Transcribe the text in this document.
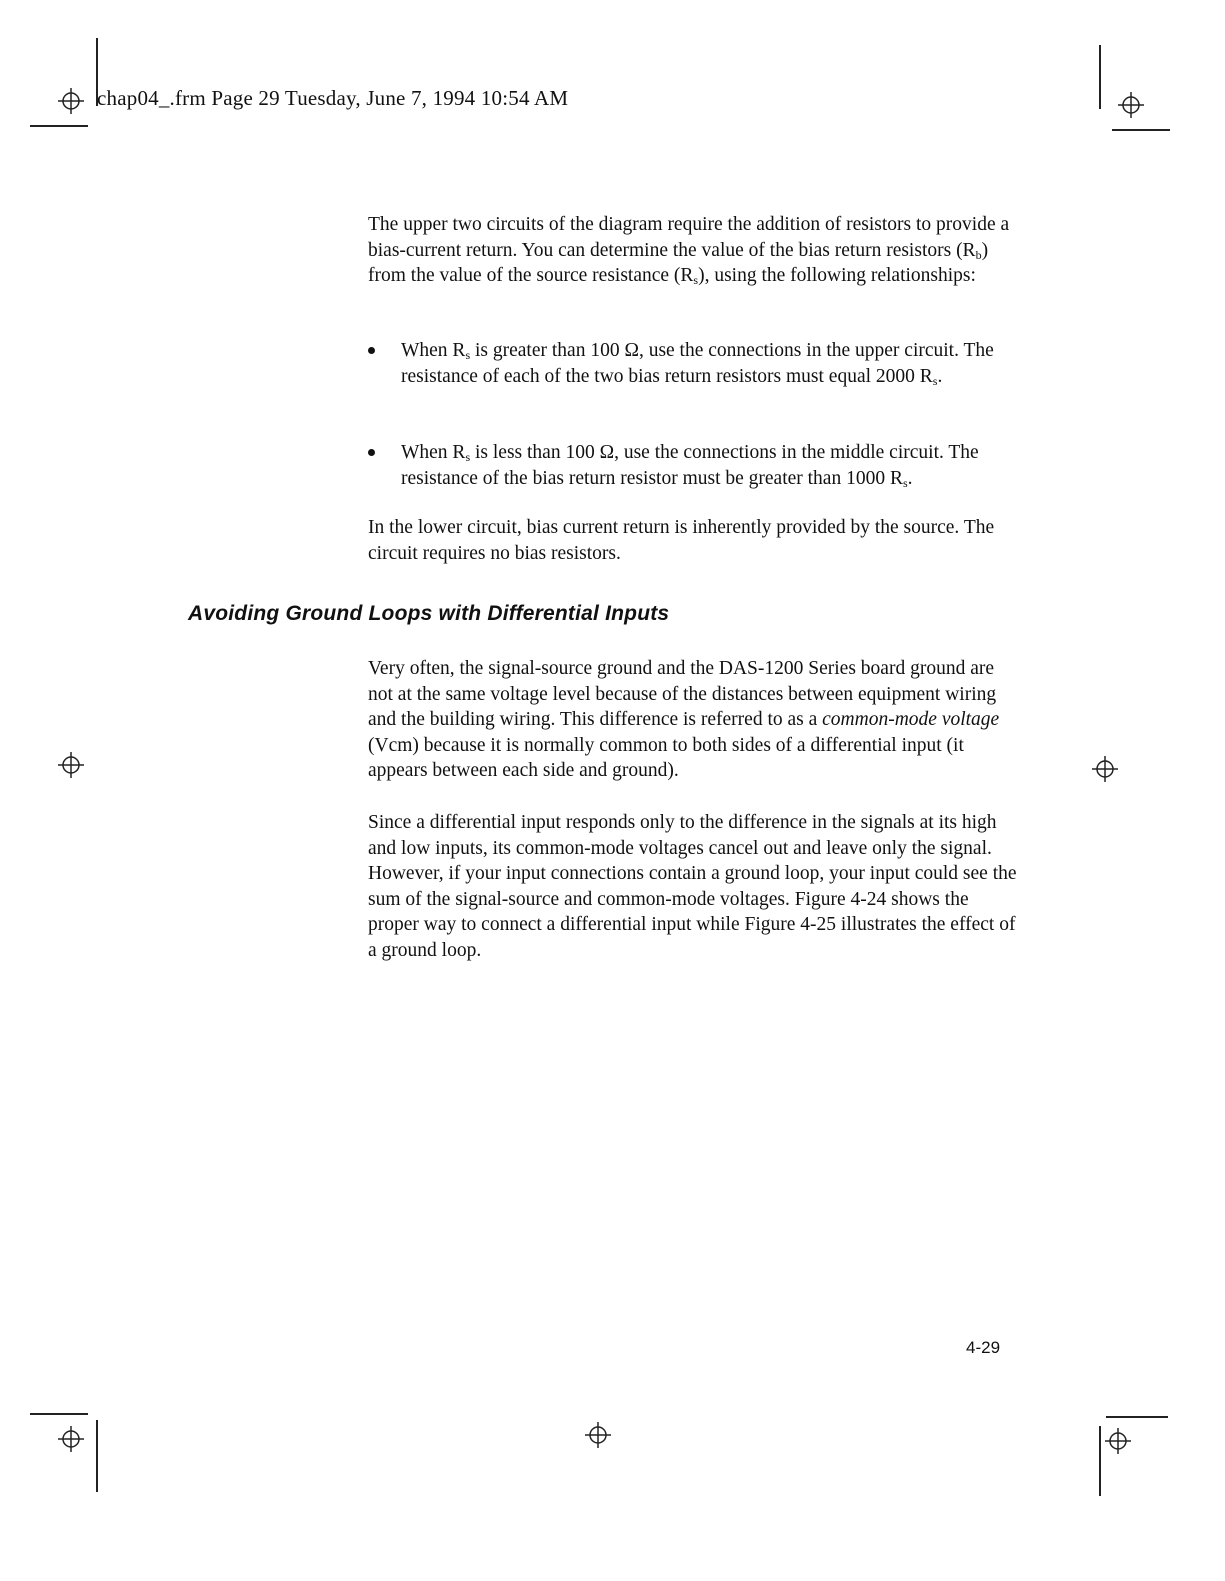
chap04_.frm Page 29 Tuesday, June 7, 1994 10:54 AM
The upper two circuits of the diagram require the addition of resistors to provide a bias-current return. You can determine the value of the bias return resistors $(R_b)$ from the value of the source resistance $(R_s)$, using the following relationships:
When $R_s$ is greater than 100 Ω, use the connections in the upper circuit. The resistance of each of the two bias return resistors must equal 2000 $R_s$.
When $R_s$ is less than 100 Ω, use the connections in the middle circuit. The resistance of the bias return resistor must be greater than 1000 $R_s$.
In the lower circuit, bias current return is inherently provided by the source. The circuit requires no bias resistors.
Avoiding Ground Loops with Differential Inputs
Very often, the signal-source ground and the DAS-1200 Series board ground are not at the same voltage level because of the distances between equipment wiring and the building wiring. This difference is referred to as a common-mode voltage (Vcm) because it is normally common to both sides of a differential input (it appears between each side and ground).
Since a differential input responds only to the difference in the signals at its high and low inputs, its common-mode voltages cancel out and leave only the signal. However, if your input connections contain a ground loop, your input could see the sum of the signal-source and common-mode voltages. Figure 4-24 shows the proper way to connect a differential input while Figure 4-25 illustrates the effect of a ground loop.
4-29
